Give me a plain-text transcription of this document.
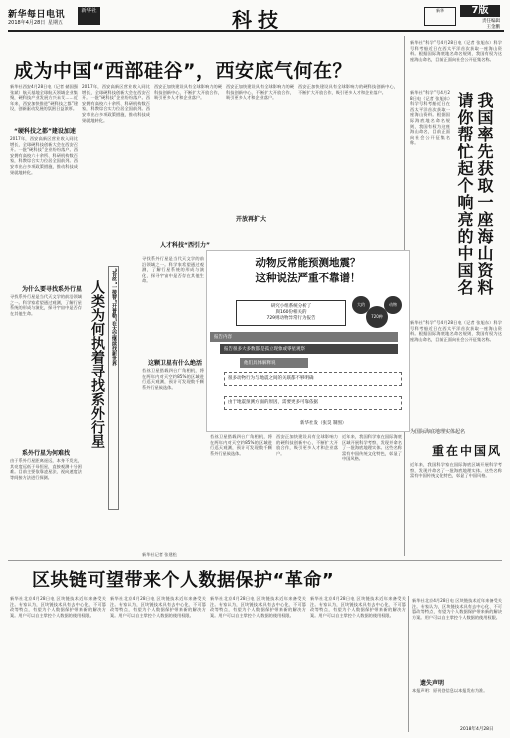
新华每日电讯
2018年4月28日 星期五
新华社	科技	新华	7版
责任编辑
王金鹏
成为中国“西部硅谷”，西安底气何在？
新华社西安4月28日电（记者 储国强 张斌）航天基地全球航天领域企业集聚，硬科技产业发展方兴未艾……近年来，西安加快推进“硬科技之都”建设，创新驱动发展的氛围日益浓厚。
“硬科技之都”建设加速
2017年，西安高新区营业收入同比增长，全球硬科技创新大会在西安召开。一批“硬科技”企业纷纷落户。西安拥有高校六十余所、科研机构数百家，科教综合实力位居全国前列。西安市出台多项政策措施，推动科技成果就地转化。
2017年，西安高新区营业收入同比增长，全球硬科技创新大会在西安召开。一批“硬科技”企业纷纷落户。西安拥有高校六十余所、科研机构数百家，科教综合实力位居全国前列。西安市出台多项政策措施，推动科技成果就地转化。
西安正加快建设具有全球影响力的硬科技创新中心，不断扩大开放合作，吸引更多人才和企业落户。
人才科技“西引力”
西安正加快建设具有全球影响力的硬科技创新中心，不断扩大开放合作，吸引更多人才和企业落户。
开放再扩大
西安正加快建设具有全球影响力的硬科技创新中心，不断扩大开放合作，吸引更多人才和企业落户。
新华社“科学”号4月28日电（记者 张旭东）科学号科考船近日在西太平洋首次获取一座海山资料。根据国际海底地名命名规则，我国有权为这座海山命名，目前正面向社会公开征集名称。
我国率先获取一座海山资料请你帮忙起个响亮的中国名
新华社“科学”号4月28日电（记者 张旭东）科学号科考船近日在西太平洋首次获取一座海山资料。根据国际海底地名命名规则，我国有权为这座海山命名，目前正面向社会公开征集名称。
新华社“科学”号4月28日电（记者 张旭东）科学号科考船近日在西太平洋首次获取一座海山资料。根据国际海底地名命名规则，我国有权为这座海山命名，目前正面向社会公开征集名称。
为国际海底地理实体起名
重在中国风
近年来，我国科学家在国际海底区域开展科学考察，发现并命名了一批海底地理实体。这些名称富有中国传统文化特色，彰显了中国风格。
为什么要寻找系外行星
寻找系外行星是当代天文学的前沿领域之一。科学家希望通过观测，了解行星系统的形成与演化，探寻宇宙中是否存在其他生命。
系外行星为何难找
由于系外行星距离遥远，本身不发光，其亮度远低于母恒星，直接观测十分困难。目前主要依靠凌星法、视向速度法等间接方法进行探测。
“苔丝”一接替“开普勒”在太空继续找新世界
人类为何执着寻找系外行星
寻找系外行星是当代天文学的前沿领域之一。科学家希望通过观测，了解行星系统的形成与演化，探寻宇宙中是否存在其他生命。
这颗卫星有什么绝活
苔丝卫星搭载四台广角相机，将在两年内对天空约85%的区域进行巡天观测，预计可发现数千颗系外行星候选体。
新华社记者 张建松
动物反常能预测地震？
这种说法严重不靠谱！
研究小组系统分析了
與160份相关的
729则动物异常行为报告
大约
720种
动物
报告内容
报告很多大多数都是孤立现象或零星观察
他们具体解释说
很多动物行为与地震之间的关联都不够明确
由于地震预测方面的原因，需要更多可靠依据
新华社发（张昊 制图）
苔丝卫星搭载四台广角相机，将在两年内对天空约85%的区域进行巡天观测，预计可发现数千颗系外行星候选体。
西安正加快建设具有全球影响力的硬科技创新中心，不断扩大开放合作，吸引更多人才和企业落户。
近年来，我国科学家在国际海底区域开展科学考察，发现并命名了一批海底地理实体。这些名称富有中国传统文化特色，彰显了中国风格。
区块链可望带来个人数据保护“革命”
新华社北京4月28日电 区块链技术近年来备受关注。专家认为，区块链技术具有去中心化、不可篡改等特点，有望为个人数据保护带来新的解决方案。用户可以自主掌控个人数据的使用权限。
新华社北京4月28日电 区块链技术近年来备受关注。专家认为，区块链技术具有去中心化、不可篡改等特点，有望为个人数据保护带来新的解决方案。用户可以自主掌控个人数据的使用权限。
新华社北京4月28日电 区块链技术近年来备受关注。专家认为，区块链技术具有去中心化、不可篡改等特点，有望为个人数据保护带来新的解决方案。用户可以自主掌控个人数据的使用权限。
新华社北京4月28日电 区块链技术近年来备受关注。专家认为，区块链技术具有去中心化、不可篡改等特点，有望为个人数据保护带来新的解决方案。用户可以自主掌控个人数据的使用权限。
新华社北京4月28日电 区块链技术近年来备受关注。专家认为，区块链技术具有去中心化、不可篡改等特点，有望为个人数据保护带来新的解决方案。用户可以自主掌控个人数据的使用权限。
遗失声明
本报声明：原刊登信息以本报发布为准。
2018年4月28日
